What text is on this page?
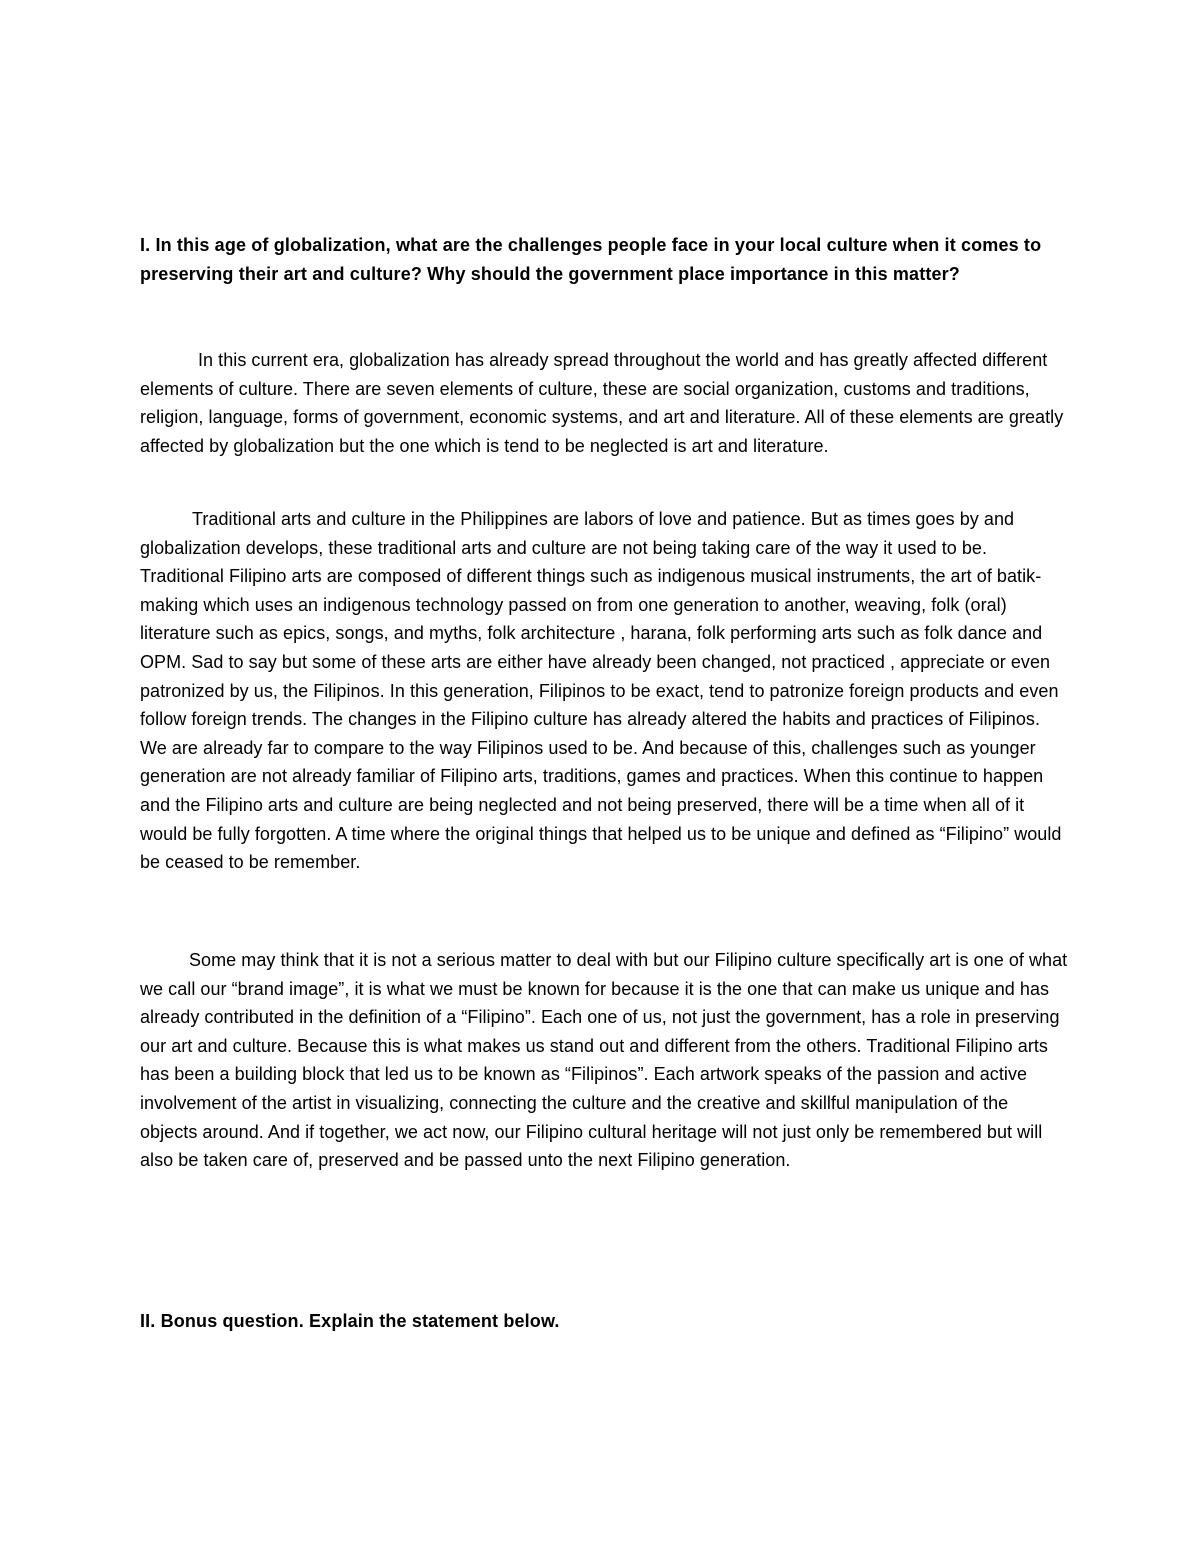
I. In this age of globalization, what are the challenges people face in your local culture when it comes to preserving their art and culture? Why should the government place importance in this matter?

In this current era, globalization has already spread throughout the world and has greatly affected different elements of culture. There are seven elements of culture, these are social organization, customs and traditions, religion, language, forms of government, economic systems, and art and literature. All of these elements are greatly affected by globalization but the one which is tend to be neglected is art and literature.

Traditional arts and culture in the Philippines are labors of love and patience. But as times goes by and globalization develops, these traditional arts and culture are not being taking care of the way it used to be. Traditional Filipino arts are composed of different things such as indigenous musical instruments, the art of batik-making which uses an indigenous technology passed on from one generation to another, weaving, folk (oral) literature such as epics, songs, and myths, folk architecture , harana, folk performing arts such as folk dance and OPM. Sad to say but some of these arts are either have already been changed, not practiced , appreciate or even patronized by us, the Filipinos. In this generation, Filipinos to be exact, tend to patronize foreign products and even follow foreign trends. The changes in the Filipino culture has already altered the habits and practices of Filipinos. We are already far to compare to the way Filipinos used to be. And because of this, challenges such as younger generation are not already familiar of Filipino arts, traditions, games and practices. When this continue to happen and the Filipino arts and culture are being neglected and not being preserved, there will be a time when all of it would be fully forgotten. A time where the original things that helped us to be unique and defined as “Filipino” would be ceased to be remember.

Some may think that it is not a serious matter to deal with but our Filipino culture specifically art is one of what we call our “brand image”, it is what we must be known for because it is the one that can make us unique and has already contributed in the definition of a “Filipino”. Each one of us, not just the government, has a role in preserving our art and culture. Because this is what makes us stand out and different from the others. Traditional Filipino arts has been a building block that led us to be known as “Filipinos”. Each artwork speaks of the passion and active involvement of the artist in visualizing, connecting the culture and the creative and skillful manipulation of the objects around. And if together, we act now, our Filipino cultural heritage will not just only be remembered but will also be taken care of, preserved and be passed unto the next Filipino generation.

II. Bonus question. Explain the statement below.
